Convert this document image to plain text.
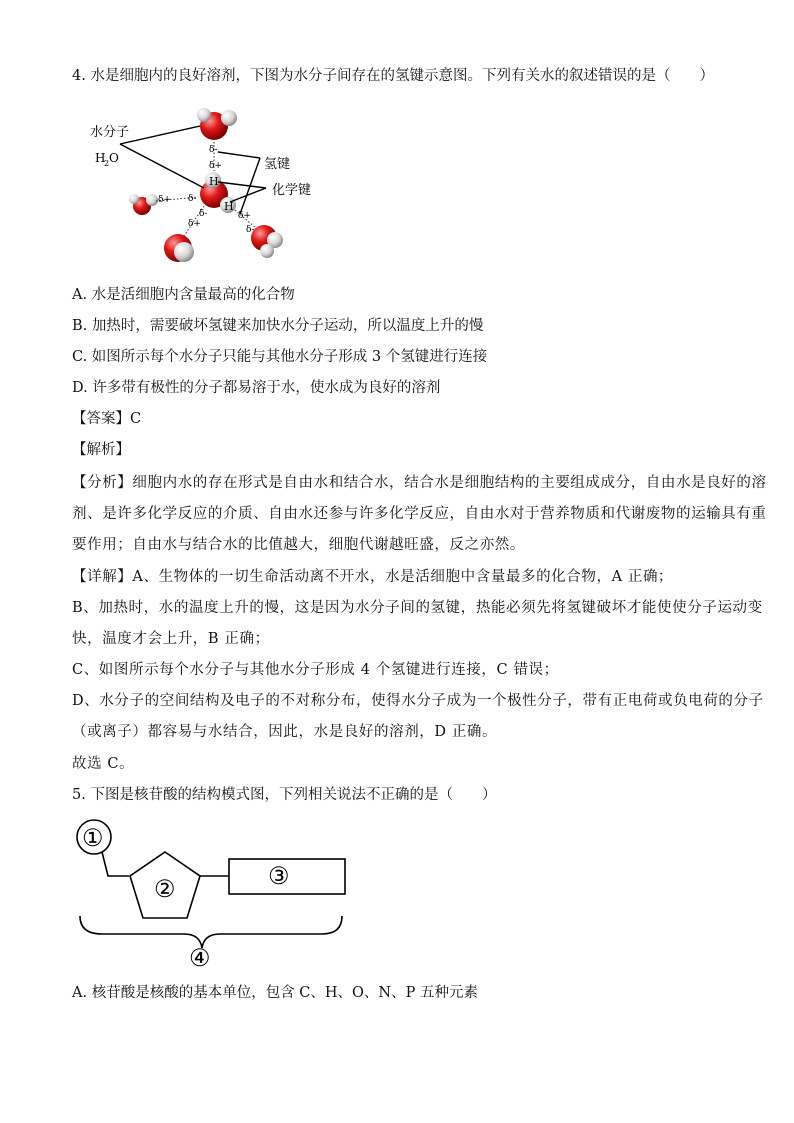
4. 水是细胞内的良好溶剂，下图为水分子间存在的氢键示意图。下列有关水的叙述错误的是（　　）
H
H
δ-
δ+
δ+ δ-
δ-
δ+
δ+
δ-
水分子
H
2 O	氢键
化学键
A. 水是活细胞内含量最高的化合物
B. 加热时，需要破坏氢键来加快水分子运动，所以温度上升的慢
C. 如图所示每个水分子只能与其他水分子形成 3 个氢键进行连接
D. 许多带有极性的分子都易溶于水，使水成为良好的溶剂
【答案】C
【解析】
【分析】细胞内水的存在形式是自由水和结合水，结合水是细胞结构的主要组成成分，自由水是良好的溶
剂、是许多化学反应的介质、自由水还参与许多化学反应，自由水对于营养物质和代谢废物的运输具有重
要作用；自由水与结合水的比值越大，细胞代谢越旺盛，反之亦然。
【详解】A、生物体的一切生命活动离不开水，水是活细胞中含量最多的化合物，A 正确；
B、加热时，水的温度上升的慢，这是因为水分子间的氢键，热能必须先将氢键破坏才能使使分子运动变
快，温度才会上升，B 正确；
C、如图所示每个水分子与其他水分子形成 4 个氢键进行连接，C 错误；
D、水分子的空间结构及电子的不对称分布，使得水分子成为一个极性分子，带有正电荷或负电荷的分子
（或离子）都容易与水结合，因此，水是良好的溶剂，D 正确。
故选 C。
5. 下图是核苷酸的结构模式图，下列相关说法不正确的是（　　）
①
②	③
④
A. 核苷酸是核酸的基本单位，包含 C、H、O、N、P 五种元素
